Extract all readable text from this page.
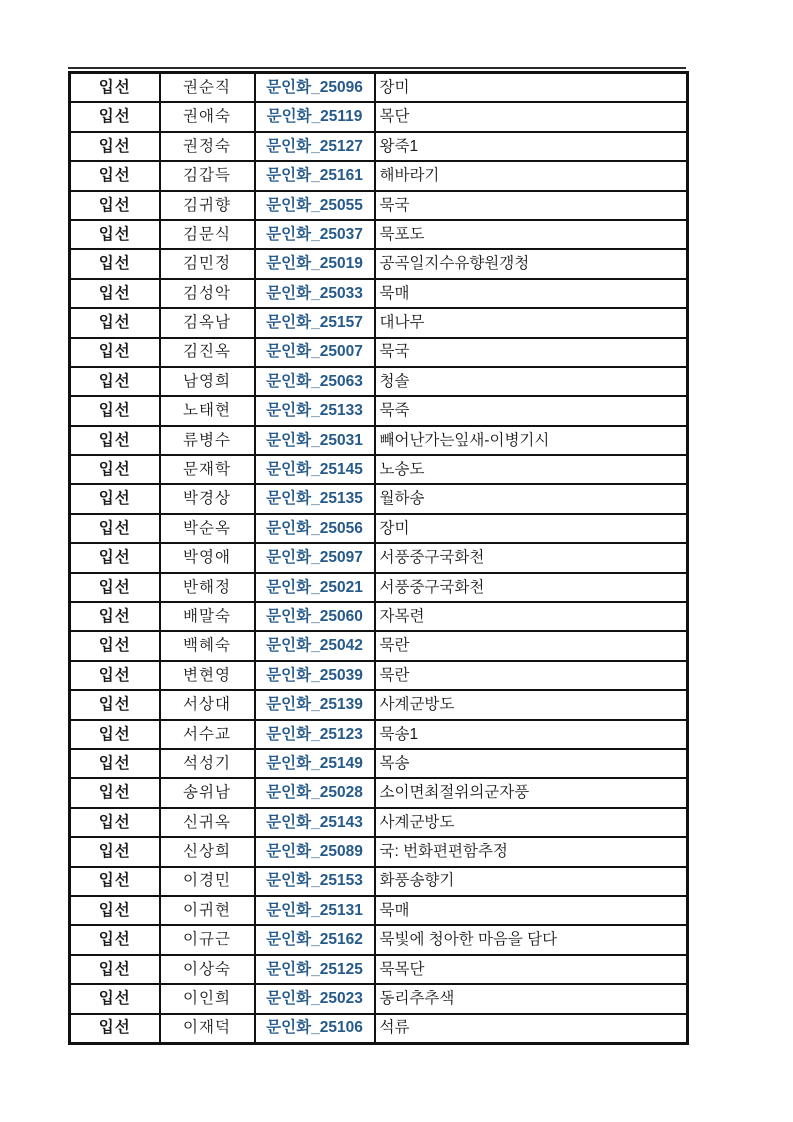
입선	권순직	문인화_25096	장미
입선	권애숙	문인화_25119	목단
입선	권정숙	문인화_25127	왕죽1
입선	김갑득	문인화_25161	해바라기
입선	김귀향	문인화_25055	묵국
입선	김문식	문인화_25037	묵포도
입선	김민정	문인화_25019	공곡일지수유향원갱청
입선	김성악	문인화_25033	묵매
입선	김옥남	문인화_25157	대나무
입선	김진옥	문인화_25007	묵국
입선	남영희	문인화_25063	청솔
입선	노태현	문인화_25133	묵죽
입선	류병수	문인화_25031	빼어난가는잎새-이병기시
입선	문재학	문인화_25145	노송도
입선	박경상	문인화_25135	월하송
입선	박순옥	문인화_25056	장미
입선	박영애	문인화_25097	서풍중구국화천
입선	반해정	문인화_25021	서풍중구국화천
입선	배말숙	문인화_25060	자목련
입선	백혜숙	문인화_25042	묵란
입선	변현영	문인화_25039	묵란
입선	서상대	문인화_25139	사계군방도
입선	서수교	문인화_25123	묵송1
입선	석성기	문인화_25149	목송
입선	송위남	문인화_25028	소이면최절위의군자풍
입선	신귀옥	문인화_25143	사계군방도
입선	신상희	문인화_25089	국: 번화편편함추정
입선	이경민	문인화_25153	화풍송향기
입선	이귀현	문인화_25131	묵매
입선	이규근	문인화_25162	묵빛에 청아한 마음을 담다
입선	이상숙	문인화_25125	묵목단
입선	이인희	문인화_25023	동리추추색
입선	이재덕	문인화_25106	석류
